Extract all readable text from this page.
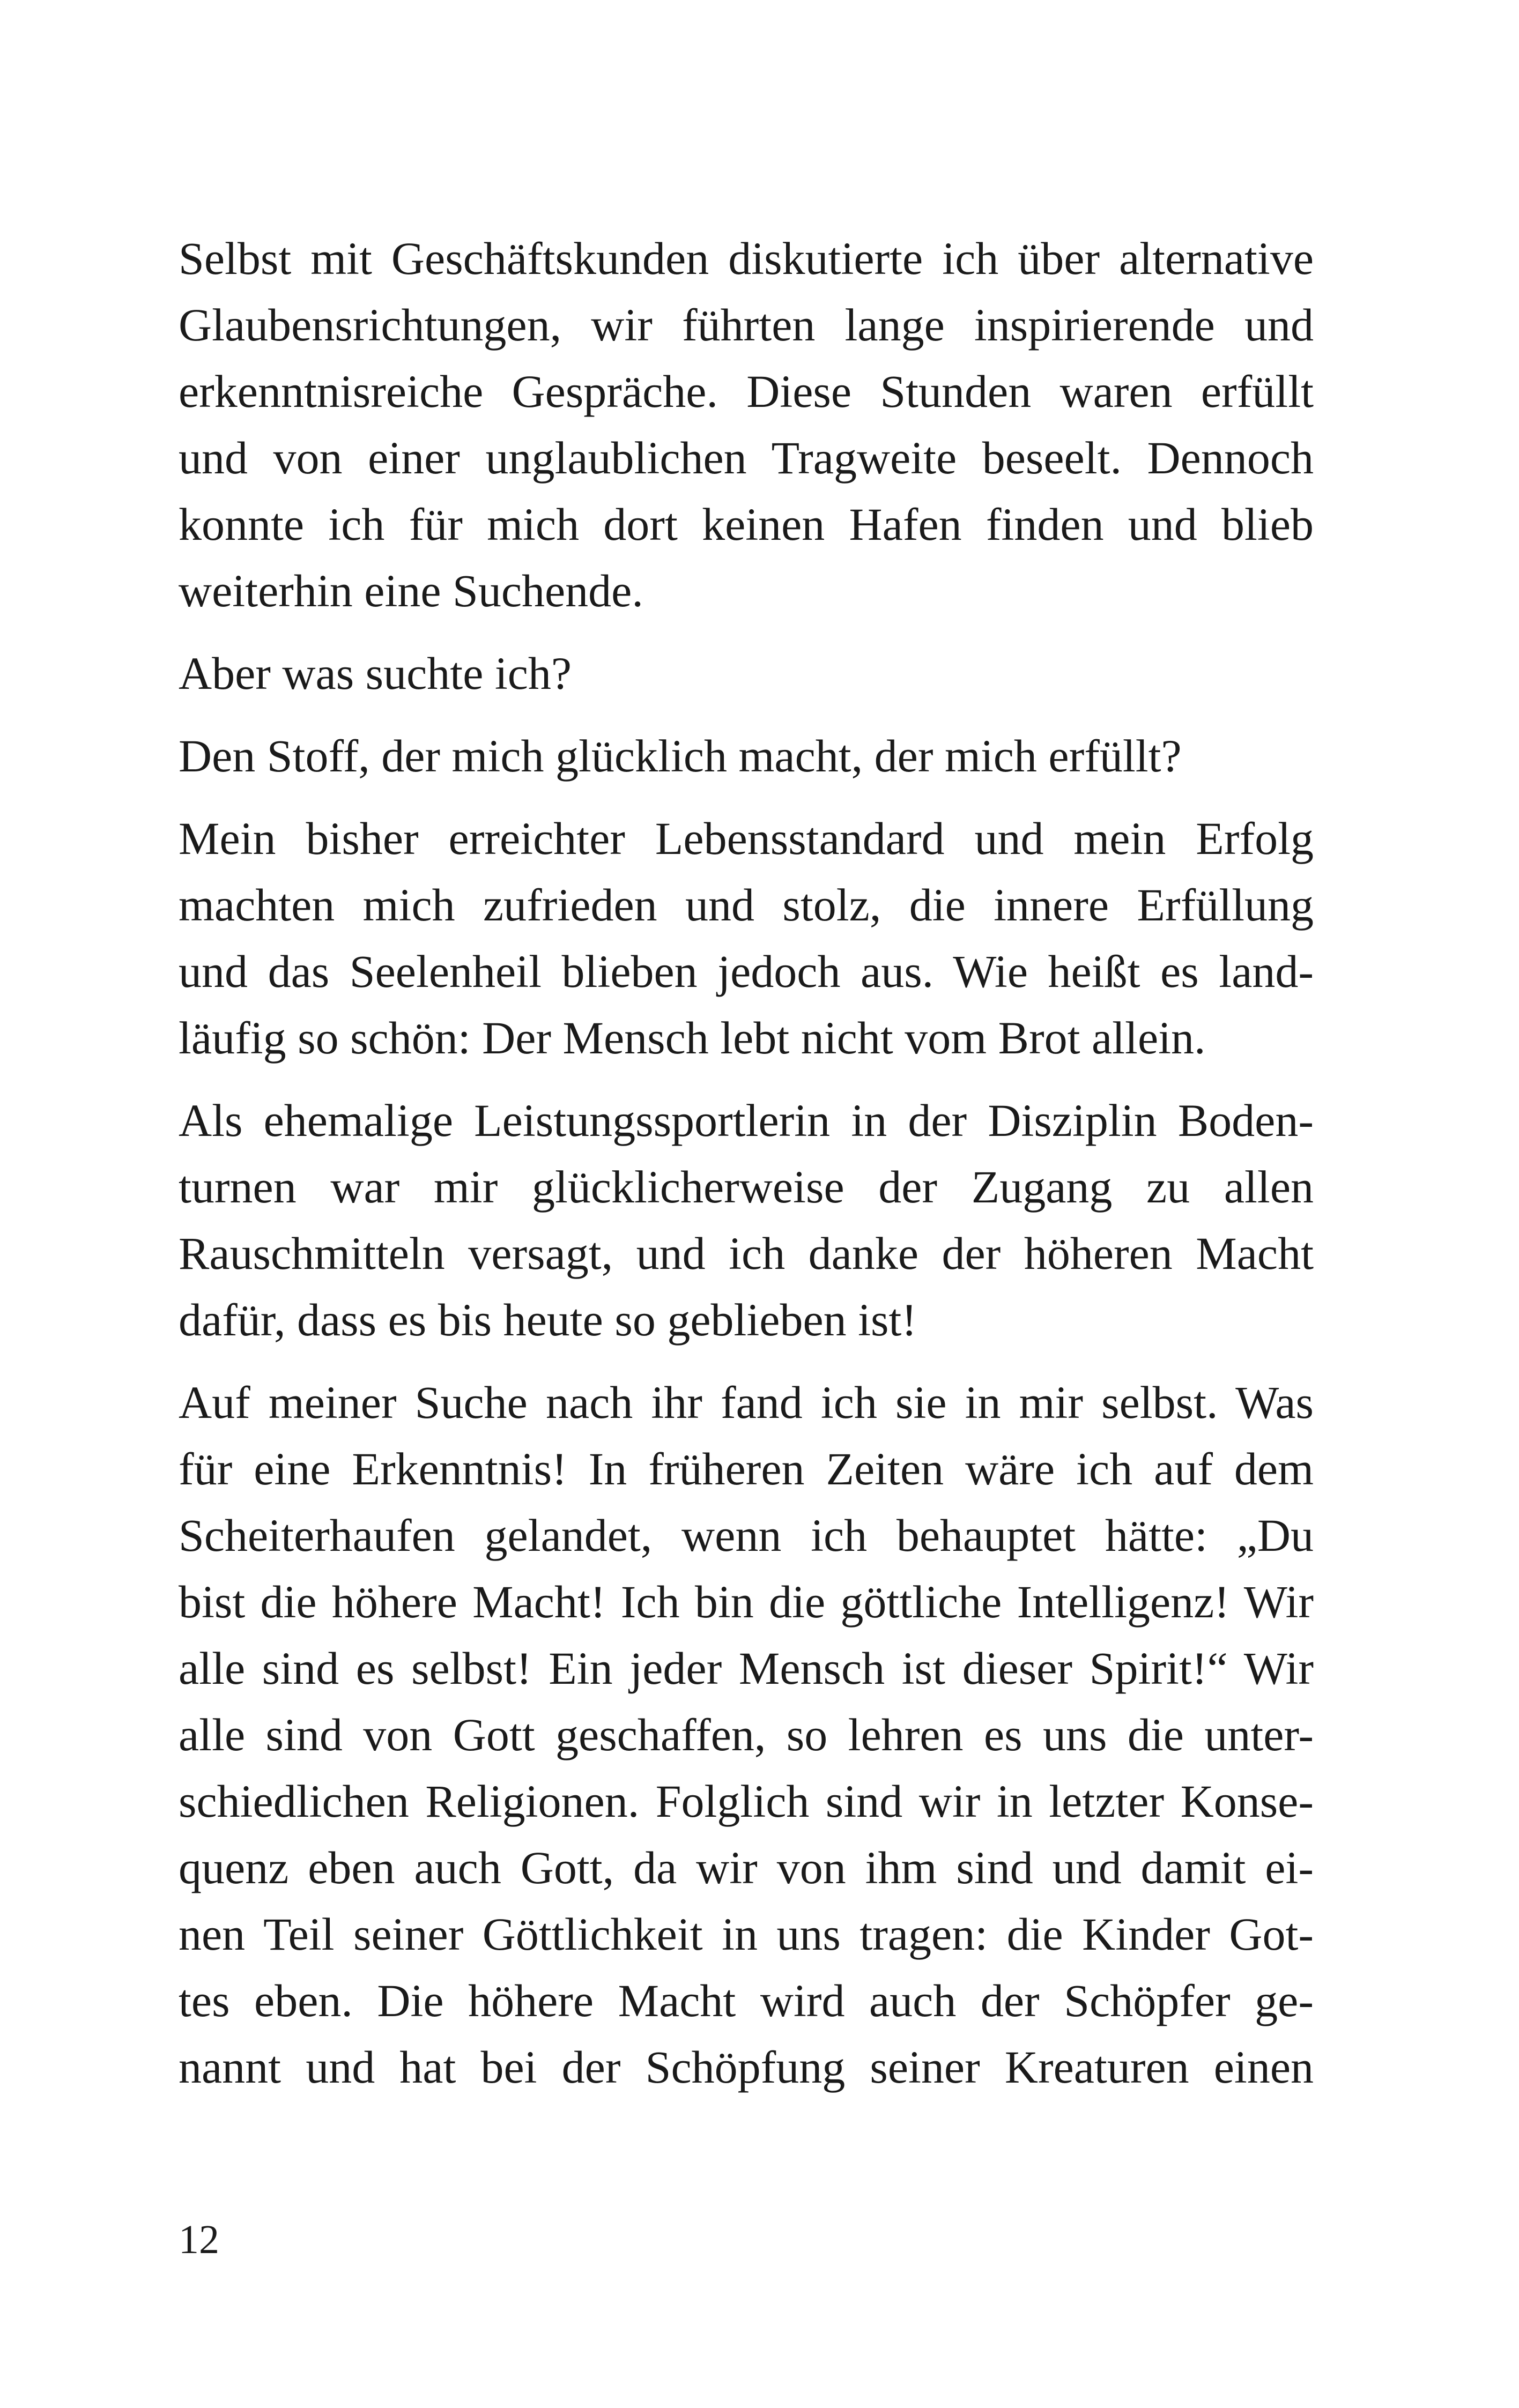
Selbst mit Geschäftskunden diskutierte ich über alternative
Glaubensrichtungen, wir führten lange inspirierende und
erkenntnisreiche Gespräche. Diese Stunden waren erfüllt
und von einer unglaublichen Tragweite beseelt. Dennoch
konnte ich für mich dort keinen Hafen finden und blieb
weiterhin eine Suchende.
Aber was suchte ich?
Den Stoff, der mich glücklich macht, der mich erfüllt?
Mein bisher erreichter Lebensstandard und mein Erfolg
machten mich zufrieden und stolz, die innere Erfüllung
und das Seelenheil blieben jedoch aus. Wie heißt es land-
läufig so schön: Der Mensch lebt nicht vom Brot allein.
Als ehemalige Leistungssportlerin in der Disziplin Boden-
turnen war mir glücklicherweise der Zugang zu allen
Rauschmitteln versagt, und ich danke der höheren Macht
dafür, dass es bis heute so geblieben ist!
Auf meiner Suche nach ihr fand ich sie in mir selbst. Was
für eine Erkenntnis! In früheren Zeiten wäre ich auf dem
Scheiterhaufen gelandet, wenn ich behauptet hätte: „Du
bist die höhere Macht! Ich bin die göttliche Intelligenz! Wir
alle sind es selbst! Ein jeder Mensch ist dieser Spirit!“ Wir
alle sind von Gott geschaffen, so lehren es uns die unter-
schiedlichen Religionen. Folglich sind wir in letzter Konse-
quenz eben auch Gott, da wir von ihm sind und damit ei-
nen Teil seiner Göttlichkeit in uns tragen: die Kinder Got-
tes eben. Die höhere Macht wird auch der Schöpfer ge-
nannt und hat bei der Schöpfung seiner Kreaturen einen
12
